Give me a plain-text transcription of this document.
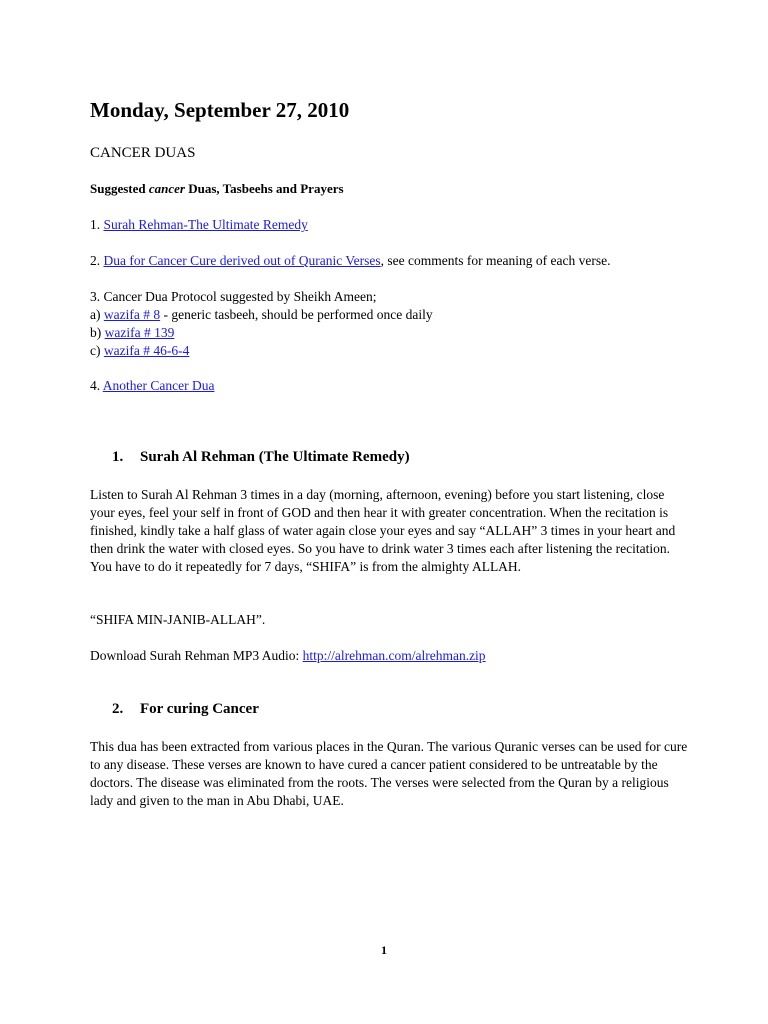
Monday, September 27, 2010
CANCER DUAS
Suggested cancer Duas, Tasbeehs and Prayers
1. Surah Rehman-The Ultimate Remedy
2. Dua for Cancer Cure derived out of Quranic Verses, see comments for meaning of each verse.
3. Cancer Dua Protocol suggested by Sheikh Ameen;
a) wazifa # 8 - generic tasbeeh, should be performed once daily
b) wazifa # 139
c) wazifa # 46-6-4
4. Another Cancer Dua
1. Surah Al Rehman (The Ultimate Remedy)

Listen to Surah Al Rehman 3 times in a day (morning, afternoon, evening) before you start listening, close your eyes, feel your self in front of GOD and then hear it with greater concentration. When the recitation is finished, kindly take a half glass of water again close your eyes and say “ALLAH” 3 times in your heart and then drink the water with closed eyes. So you have to drink water 3 times each after listening the recitation. You have to do it repeatedly for 7 days, “SHIFA” is from the almighty ALLAH.

“SHIFA MIN-JANIB-ALLAH”.
Download Surah Rehman MP3 Audio: http://alrehman.com/alrehman.zip
2. For curing Cancer

This dua has been extracted from various places in the Quran. The various Quranic verses can be used for cure to any disease. These verses are known to have cured a cancer patient considered to be untreatable by the doctors. The disease was eliminated from the roots. The verses were selected from the Quran by a religious lady and given to the man in Abu Dhabi, UAE.

1
